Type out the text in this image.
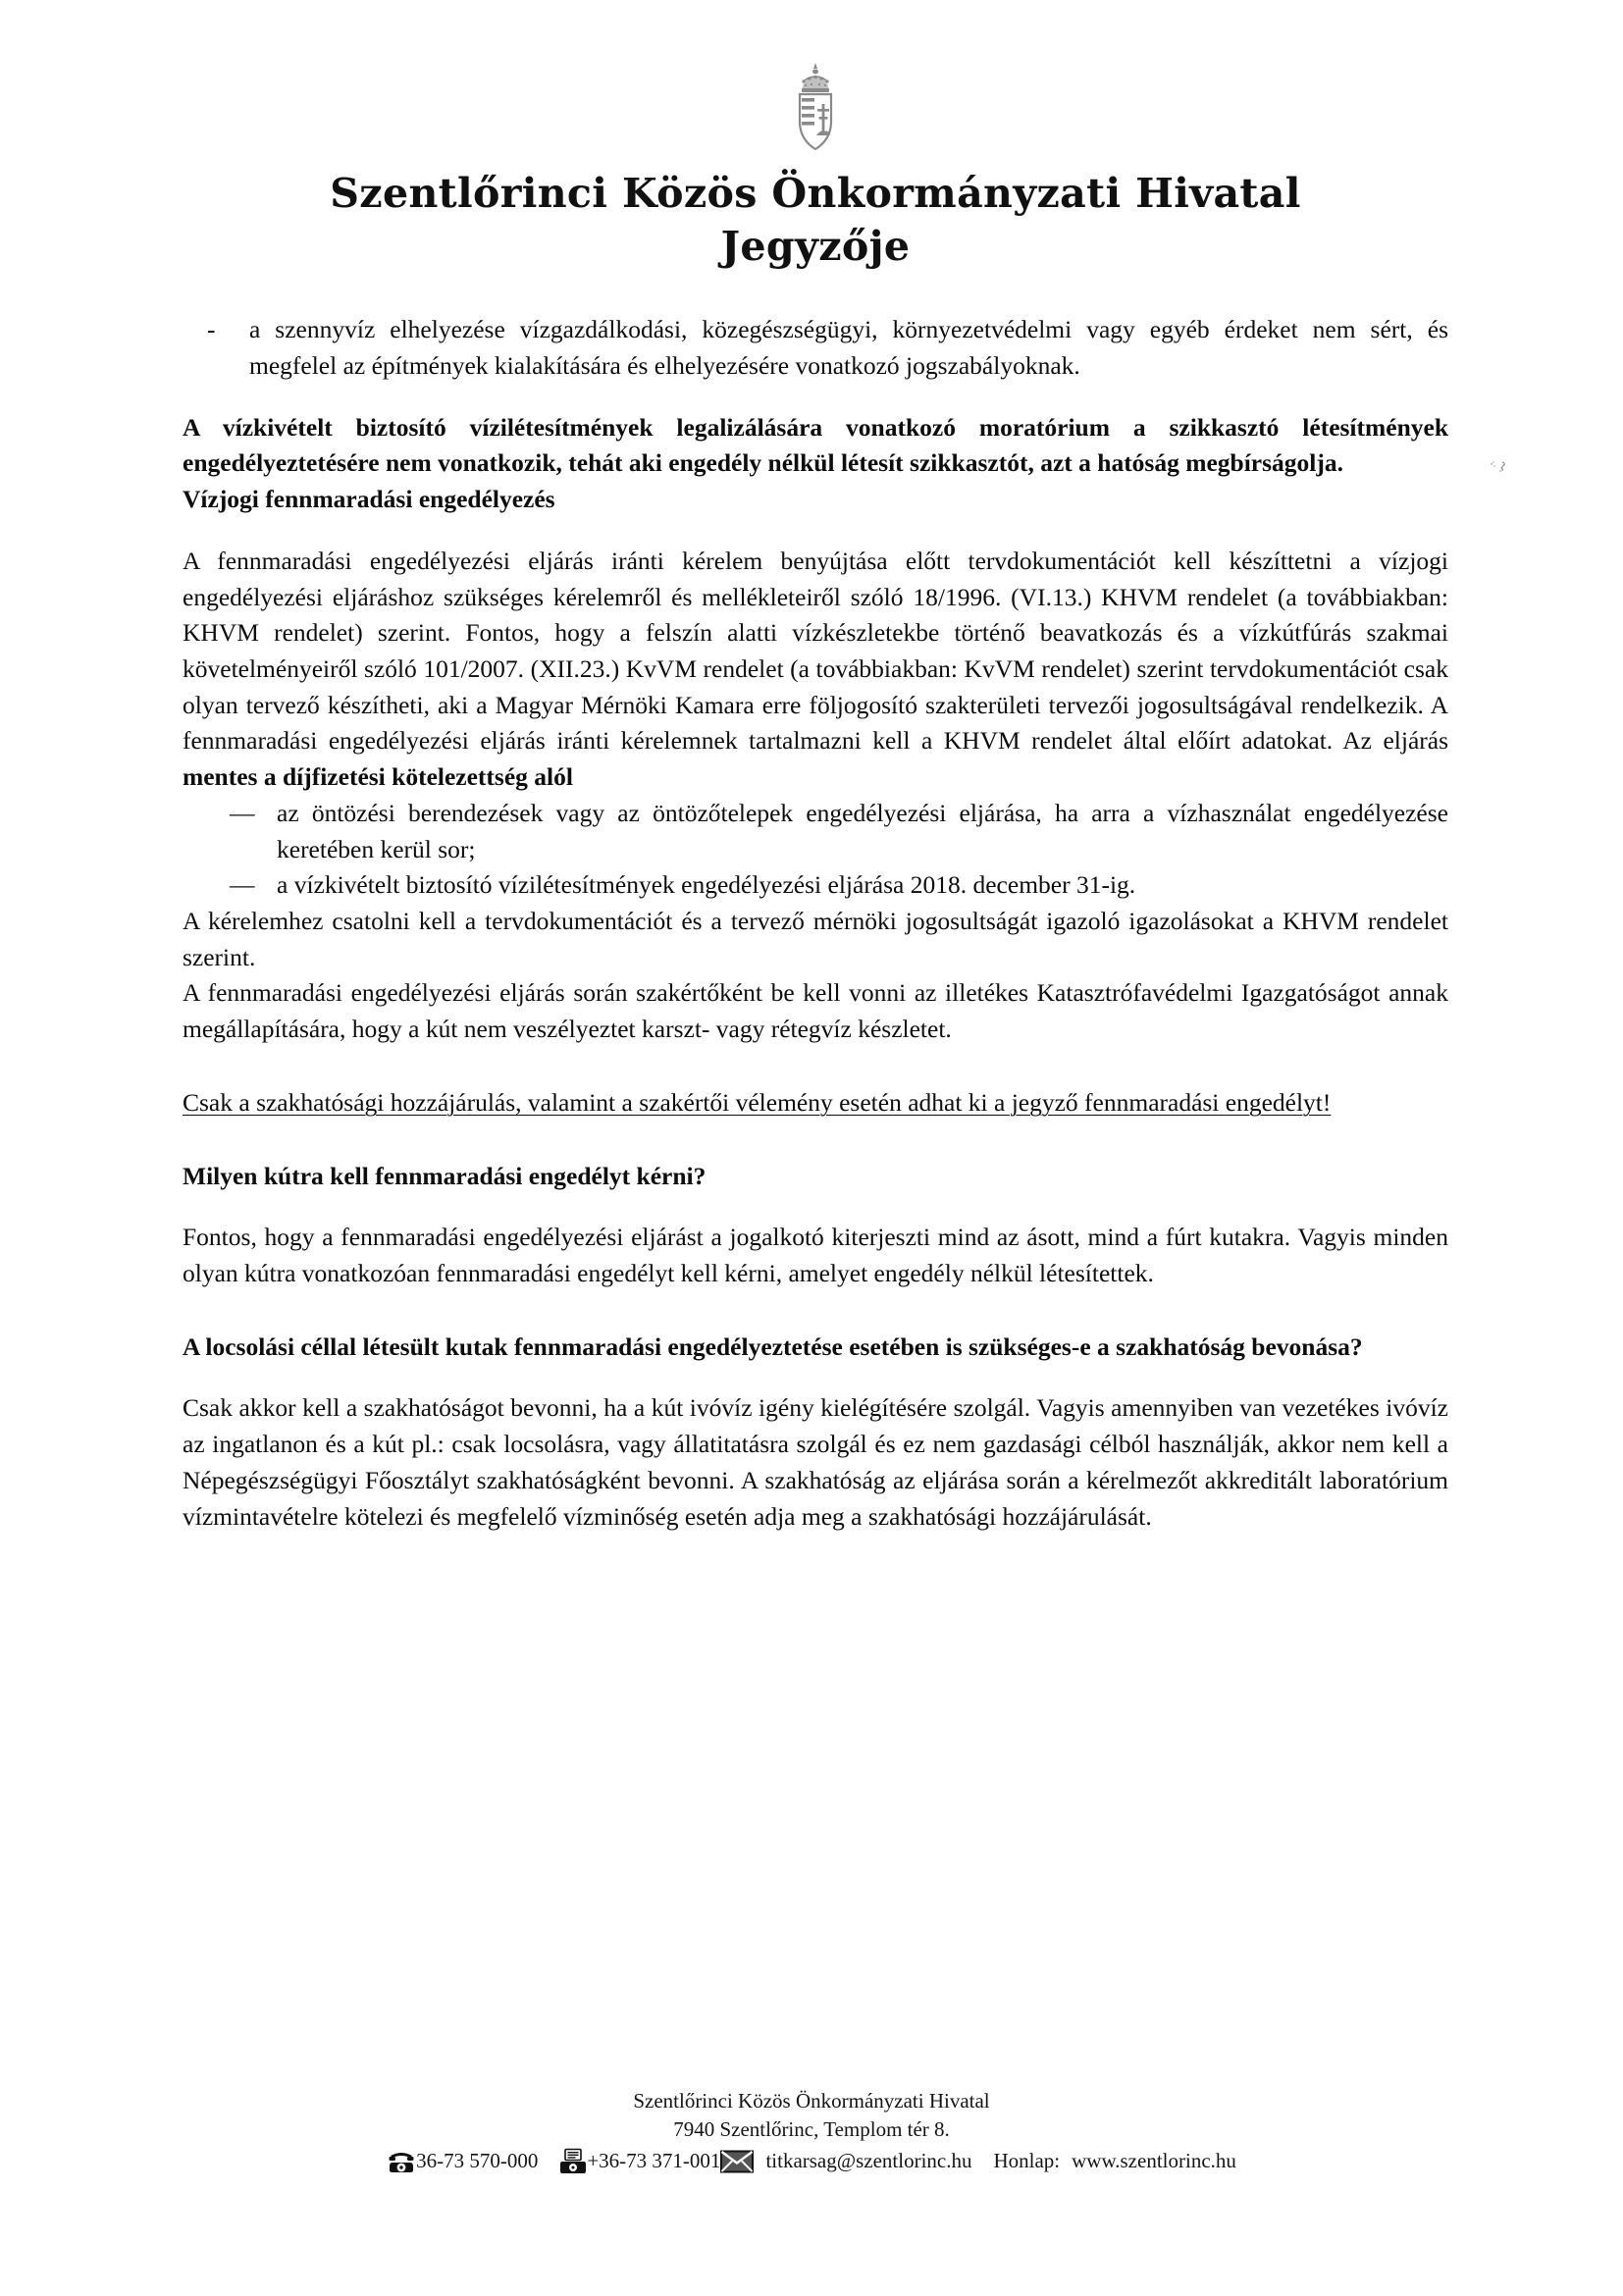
Szentlőrinci Közös Önkormányzati Hivatal
Jegyzője
- a szennyvíz elhelyezése vízgazdálkodási, közegészségügyi, környezetvédelmi vagy egyéb érdeket nem sért, és megfelel az építmények kialakítására és elhelyezésére vonatkozó jogszabályoknak.

A vízkivételt biztosító vízilétesítmények legalizálására vonatkozó moratórium a szikkasztó létesítmények engedélyeztetésére nem vonatkozik, tehát aki engedély nélkül létesít szikkasztót, azt a hatóság megbírságolja.

Vízjogi fennmaradási engedélyezés

A fennmaradási engedélyezési eljárás iránti kérelem benyújtása előtt tervdokumentációt kell készíttetni a vízjogi engedélyezési eljáráshoz szükséges kérelemről és mellékleteiről szóló 18/1996. (VI.13.) KHVM rendelet (a továbbiakban: KHVM rendelet) szerint. Fontos, hogy a felszín alatti vízkészletekbe történő beavatkozás és a vízkútfúrás szakmai követelményeiről szóló 101/2007. (XII.23.) KvVM rendelet (a továbbiakban: KvVM rendelet) szerint tervdokumentációt csak olyan tervező készítheti, aki a Magyar Mérnöki Kamara erre följogosító szakterületi tervezői jogosultságával rendelkezik. A fennmaradási engedélyezési eljárás iránti kérelemnek tartalmazni kell a KHVM rendelet által előírt adatokat. Az eljárás mentes a díjfizetési kötelezettség alól

— az öntözési berendezések vagy az öntözőtelepek engedélyezési eljárása, ha arra a vízhasználat engedélyezése keretében kerül sor;
— a vízkivételt biztosító vízilétesítmények engedélyezési eljárása 2018. december 31-ig.

A kérelemhez csatolni kell a tervdokumentációt és a tervező mérnöki jogosultságát igazoló igazolásokat a KHVM rendelet szerint.

A fennmaradási engedélyezési eljárás során szakértőként be kell vonni az illetékes Katasztrófavédelmi Igazgatóságot annak megállapítására, hogy a kút nem veszélyeztet karszt- vagy rétegvíz készletet.

Csak a szakhatósági hozzájárulás, valamint a szakértői vélemény esetén adhat ki a jegyző fennmaradási engedélyt!

Milyen kútra kell fennmaradási engedélyt kérni?

Fontos, hogy a fennmaradási engedélyezési eljárást a jogalkotó kiterjeszti mind az ásott, mind a fúrt kutakra. Vagyis minden olyan kútra vonatkozóan fennmaradási engedélyt kell kérni, amelyet engedély nélkül létesítettek.

A locsolási céllal létesült kutak fennmaradási engedélyeztetése esetében is szükséges-e a szakhatóság bevonása?

Csak akkor kell a szakhatóságot bevonni, ha a kút ivóvíz igény kielégítésére szolgál. Vagyis amennyiben van vezetékes ivóvíz az ingatlanon és a kút pl.: csak locsolásra, vagy állatitatásra szolgál és ez nem gazdasági célból használják, akkor nem kell a Népegészségügyi Főosztályt szakhatóságként bevonni. A szakhatóság az eljárása során a kérelmezőt akkreditált laboratórium vízmintavételre kötelezi és megfelelő vízminőség esetén adja meg a szakhatósági hozzájárulását.

Szentlőrinci Közös Önkormányzati Hivatal
7940 Szentlőrinc, Templom tér 8.
36-73 570-000 +36-73 371-001 titkarsag@szentlorinc.hu Honlap: www.szentlorinc.hu
